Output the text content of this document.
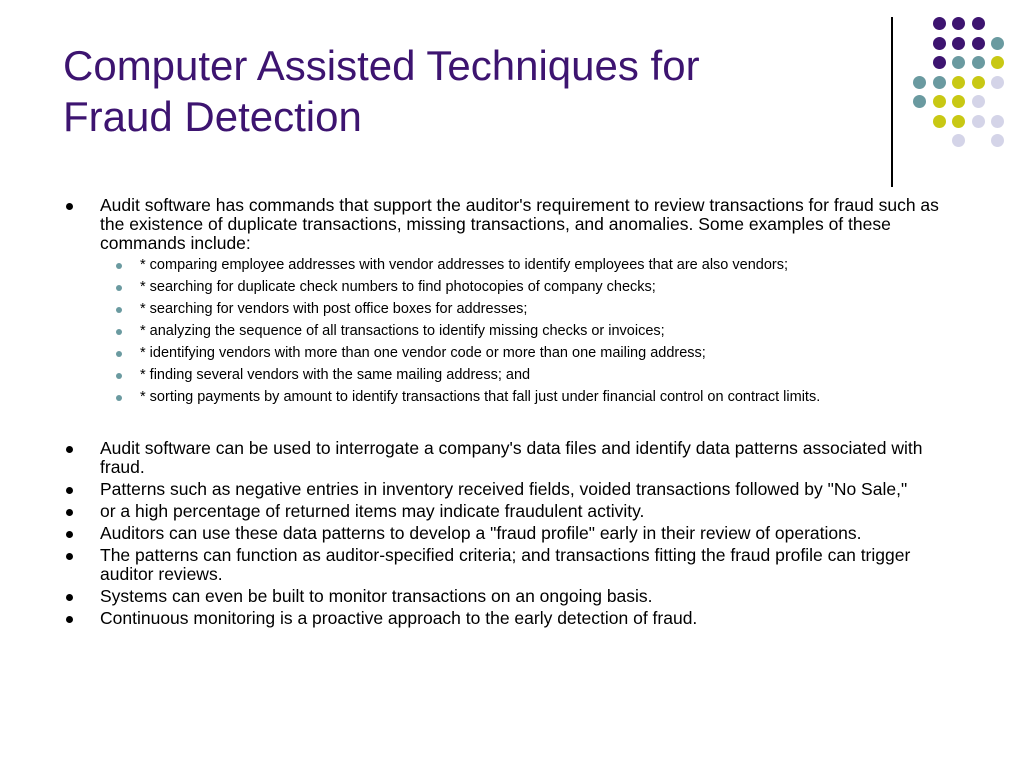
Computer Assisted Techniques for
Fraud Detection
Audit software has commands that support the auditor's requirement to review transactions for fraud such as the existence of duplicate transactions, missing transactions, and anomalies. Some examples of these commands include:
* comparing employee addresses with vendor addresses to identify employees that are also vendors;
* searching for duplicate check numbers to find photocopies of company checks;
* searching for vendors with post office boxes for addresses;
* analyzing the sequence of all transactions to identify missing checks or invoices;
* identifying vendors with more than one vendor code or more than one mailing address;
* finding several vendors with the same mailing address; and
* sorting payments by amount to identify transactions that fall just under financial control on contract limits.
Audit software can be used to interrogate a company's data files and identify data patterns associated with fraud.
Patterns such as negative entries in inventory received fields, voided transactions followed by "No Sale,"
or a high percentage of returned items may indicate fraudulent activity.
Auditors can use these data patterns to develop a "fraud profile" early in their review of operations.
The patterns can function as auditor-specified criteria; and transactions fitting the fraud profile can trigger auditor reviews.
Systems can even be built to monitor transactions on an ongoing basis.
Continuous monitoring is a proactive approach to the early detection of fraud.
